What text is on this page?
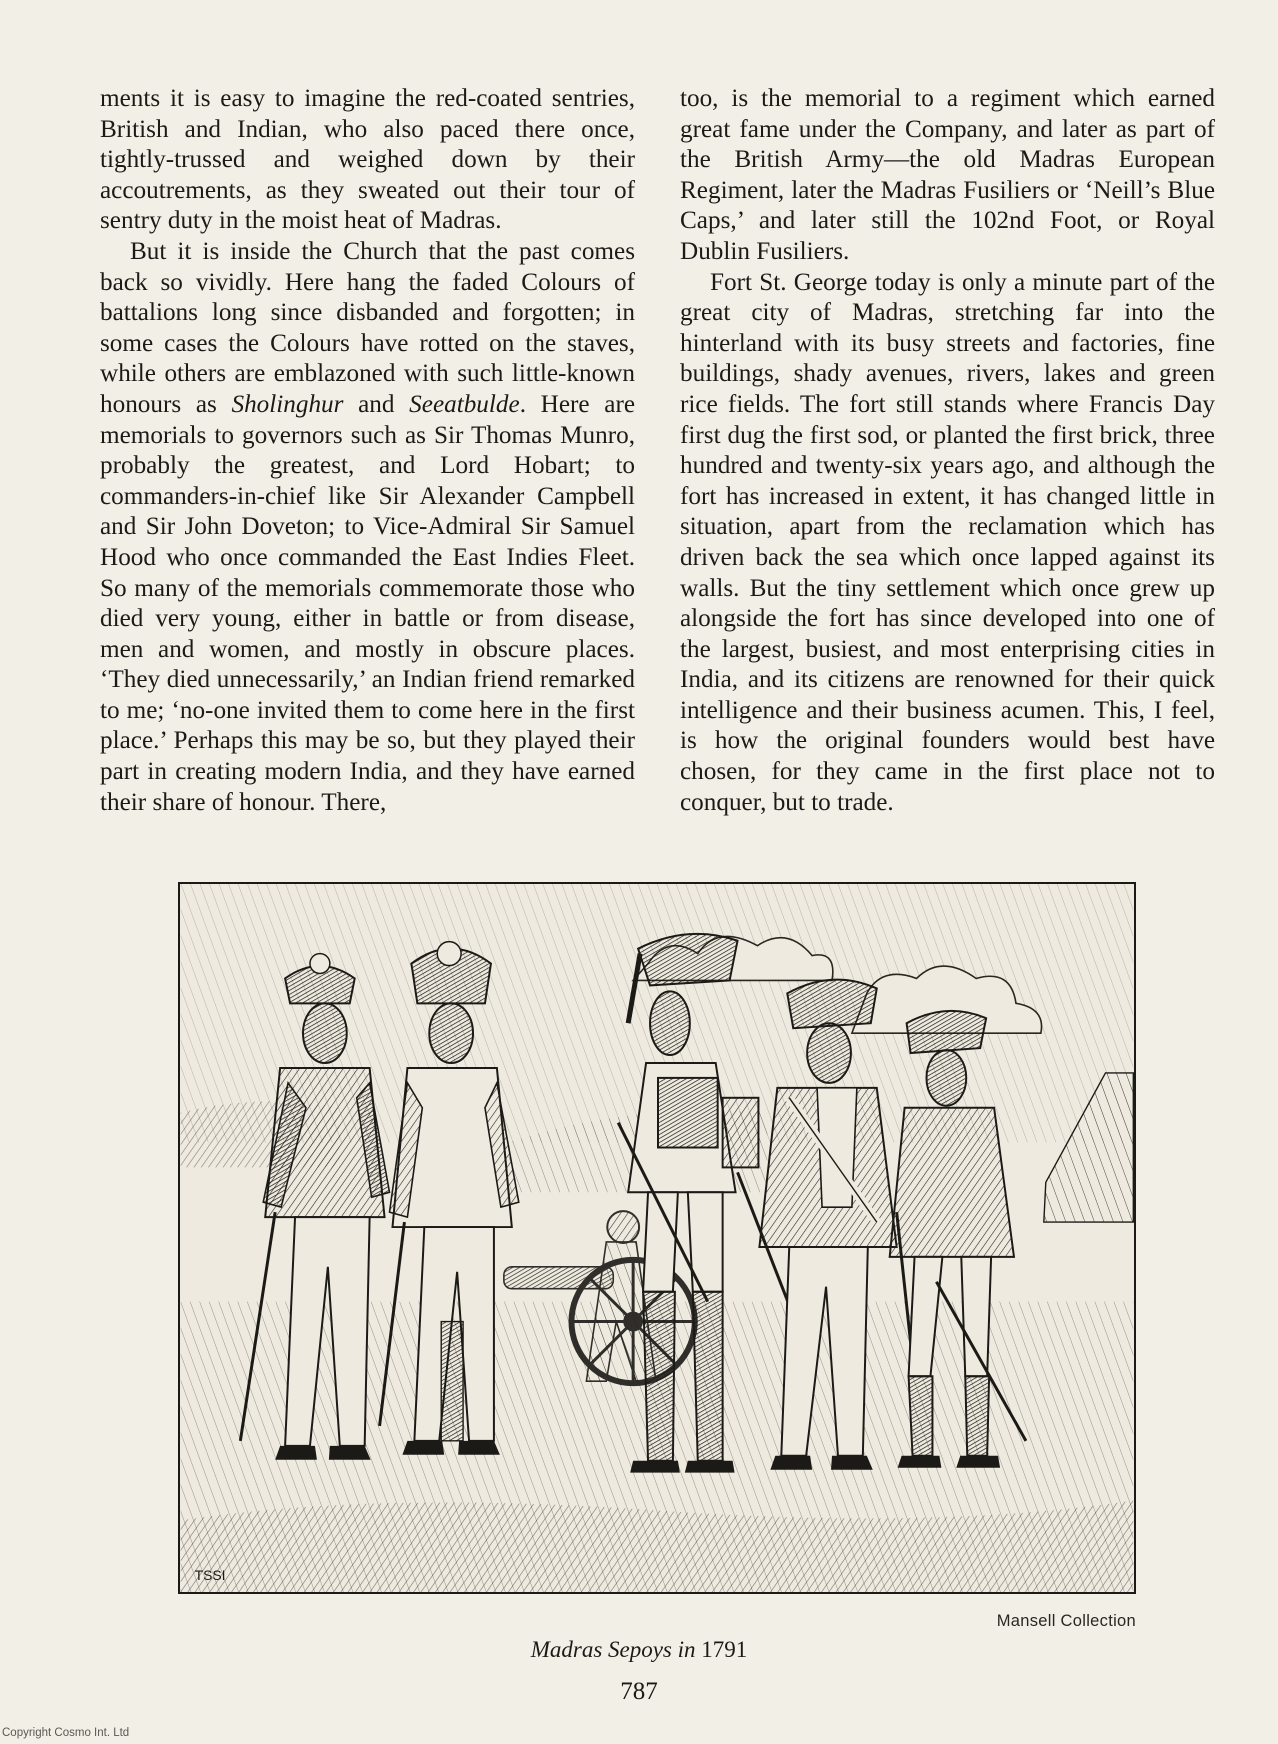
ments it is easy to imagine the red-coated sentries, British and Indian, who also paced there once, tightly-trussed and weighed down by their accoutrements, as they sweated out their tour of sentry duty in the moist heat of Madras.

But it is inside the Church that the past comes back so vividly. Here hang the faded Colours of battalions long since disbanded and forgotten; in some cases the Colours have rotted on the staves, while others are emblazoned with such little-known honours as Sholinghur and Seeatbulde. Here are memorials to governors such as Sir Thomas Munro, probably the greatest, and Lord Hobart; to commanders-in-chief like Sir Alexander Campbell and Sir John Doveton; to Vice-Admiral Sir Samuel Hood who once commanded the East Indies Fleet. So many of the memorials commemorate those who died very young, either in battle or from disease, men and women, and mostly in obscure places. ‘They died unnecessarily,’ an Indian friend remarked to me; ‘no-one invited them to come here in the first place.’ Perhaps this may be so, but they played their part in creating modern India, and they have earned their share of honour. There,

too, is the memorial to a regiment which earned great fame under the Company, and later as part of the British Army—the old Madras European Regiment, later the Madras Fusiliers or ‘Neill’s Blue Caps,’ and later still the 102nd Foot, or Royal Dublin Fusiliers.

Fort St. George today is only a minute part of the great city of Madras, stretching far into the hinterland with its busy streets and factories, fine buildings, shady avenues, rivers, lakes and green rice fields. The fort still stands where Francis Day first dug the first sod, or planted the first brick, three hundred and twenty-six years ago, and although the fort has increased in extent, it has changed little in situation, apart from the reclamation which has driven back the sea which once lapped against its walls. But the tiny settlement which once grew up alongside the fort has since developed into one of the largest, busiest, and most enterprising cities in India, and its citizens are renowned for their quick intelligence and their business acumen. This, I feel, is how the original founders would best have chosen, for they came in the first place not to conquer, but to trade.

TSSI
Mansell Collection
Madras Sepoys in 1791
787
Copyright Cosmo Int. Ltd
